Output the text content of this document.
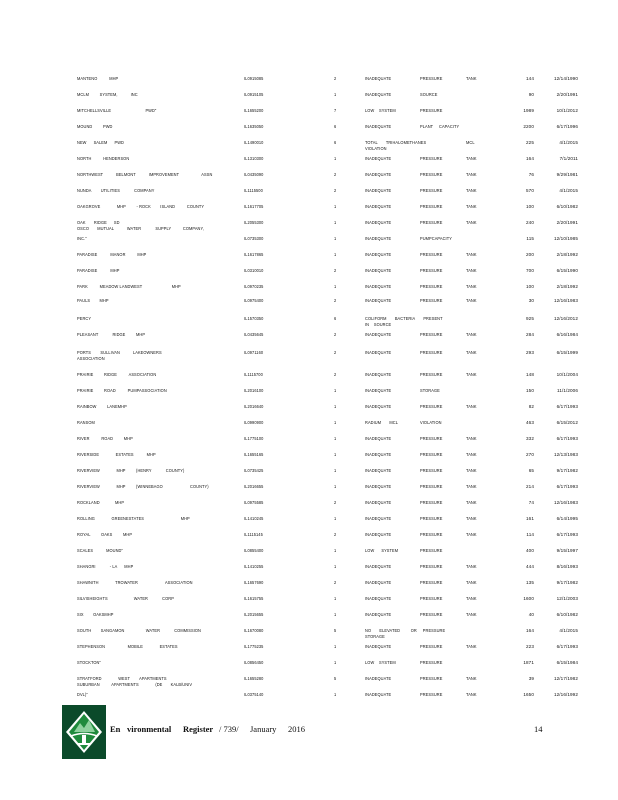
MANTENO          MHP	IL0915085	2	INADEQUATE	PRESSURE	TANK	144	12/14/1990
MCLM         SYSTEM,           INC	IL0915105	1	INADEQUATE	SOURCE	90	2/20/1991
MITCHELLSVILLE                             PWD"	IL1655200	7	LOW    SYSTEM	PRESSURE	1989	10/1/2012
MOUND         PWD	IL1635050	6	INADEQUATE	PLANT     CAPACITY	2200	6/17/1996
NEW      SALEM      PWD	IL1490010	6	TOTAL       TRIHALOMETHANES	MCL	225	4/1/2015
VIOLATION
NORTH          HENDERSON	IL1310300	1	INADEQUATE	PRESSURE	TANK	164	7/1/2011
NORTHWEST           BELMONT           IMPROVEMENT                   ASSN	IL0435090	2	INADEQUATE	PRESSURE	TANK	76	9/29/1981
NUNDA        UTILITIES            COMPANY	IL1115500	2	INADEQUATE	PRESSURE	TANK	570	4/1/2015
OAKGROVE              MHP         - ROCK        ISLAND          COUNTY	IL1617705	1	INADEQUATE	PRESSURE	TANK	100	6/10/1982
OAK       RIDGE      SD	IL2055300	1	INADEQUATE	PRESSURE	TANK	240	2/20/1991
OSCO       MUTUAL           WATER            SUPPLY          COMPANY,
INC."	IL0735300	1	INADEQUATE	PUMPCAPACITY	115	12/10/1985
PARADISE           MANOR          MHP	IL1617865	1	INADEQUATE	PRESSURE	TANK	200	2/18/1992
PARADISE           MHP	IL0310010	2	INADEQUATE	PRESSURE	TANK	700	6/15/1990
PARK          MEADOW LANDWEST                         MHP	IL0970235	1	INADEQUATE	PRESSURE	TANK	100	2/18/1992
PAULS        MHP	IL0975400	2	INADEQUATE	PRESSURE	TANK	30	12/16/1983
PERCY	IL1570350	6	COLIFORM       BACTERIA       PRESENT	925	12/16/2012
IN    SOURCE
PLEASANT            RIDGE         MHP	IL0435645	2	INADEQUATE	PRESSURE	TANK	284	6/16/1984
PORTS        SULLIVAN           LAKEOWNERS	IL0971160	2	INADEQUATE	PRESSURE	TANK	293	6/15/1999
ASSOCIATION
PRAIRIE         RIDGE          ASSOCIATION	IL1115700	2	INADEQUATE	PRESSURE	TANK	148	10/1/2004
PRAIRIE         ROAD          PUMPASSOCIATION	IL2016100	1	INADEQUATE	STORAGE	150	11/1/2006
RAINBOW         LANEMHP	IL2016640	1	INADEQUATE	PRESSURE	TANK	82	6/17/1993
RANSOM	IL0990900	1	RADIUM       MCL	VIOLATION	463	6/15/2012
RIVER          ROAD         MHP	IL1775100	1	INADEQUATE	PRESSURE	TANK	332	6/17/1993
RIVERSIDE              ESTATES           MHP	IL1655165	1	INADEQUATE	PRESSURE	TANK	270	12/13/1983
RIVERVIEW              MHP         (HENRY            COUNTY)	IL0735425	1	INADEQUATE	PRESSURE	TANK	65	9/17/1982
RIVERVIEW              MHP         (WINNEBAGO                       COUNTY)	IL2016655	1	INADEQUATE	PRESSURE	TANK	214	6/17/1993
ROCKLAND             MHP	IL0975585	2	INADEQUATE	PRESSURE	TANK	74	12/16/1983
ROLLING              GREENESTATES                               MHP	IL1410245	1	INADEQUATE	PRESSURE	TANK	161	6/14/1995
ROYAL         OAKS         MHP	IL1115145	2	INADEQUATE	PRESSURE	TANK	114	6/17/1993
SCALES           MOUND"	IL0855400	1	LOW      SYSTEM	PRESSURE	400	9/15/1997
SHANGRI            - LA      MHP	IL1410255	1	INADEQUATE	PRESSURE	TANK	444	8/16/1993
SHAWNITH              TROWATER                       ASSOCIATION	IL1657690	2	INADEQUATE	PRESSURE	TANK	135	9/17/1982
SILVISHEIGHTS                      WATER            CORP	IL1615755	1	INADEQUATE	PRESSURE	TANK	1600	12/1/2003
SIX        OAKSMHP	IL2015655	1	INADEQUATE	PRESSURE	TANK	40	6/10/1982
SOUTH        SANGAMON                  WATER            COMMISSION	IL1670080	5	NO       ELEVATED         OR     PRESSURE	164	4/1/2015
STORAGE
STEPHENSON                   MOBILE              ESTATES	IL1775235	1	INADEQUATE	PRESSURE	TANK	223	6/17/1993
STOCKTON"	IL0856450	1	LOW    SYSTEM	PRESSURE	1871	6/15/1984
STRATFORD              WEST        APARTMENTS	IL1655280	5	INADEQUATE	PRESSURE	TANK	39	12/17/1982
SUBURBAN          APARTMENTS              (DE       KALB/UNIV
DVL)"	IL0375140	1	INADEQUATE	PRESSURE	TANK	1650	12/16/1992
En vironmental Register / 739/ January 2016	14
